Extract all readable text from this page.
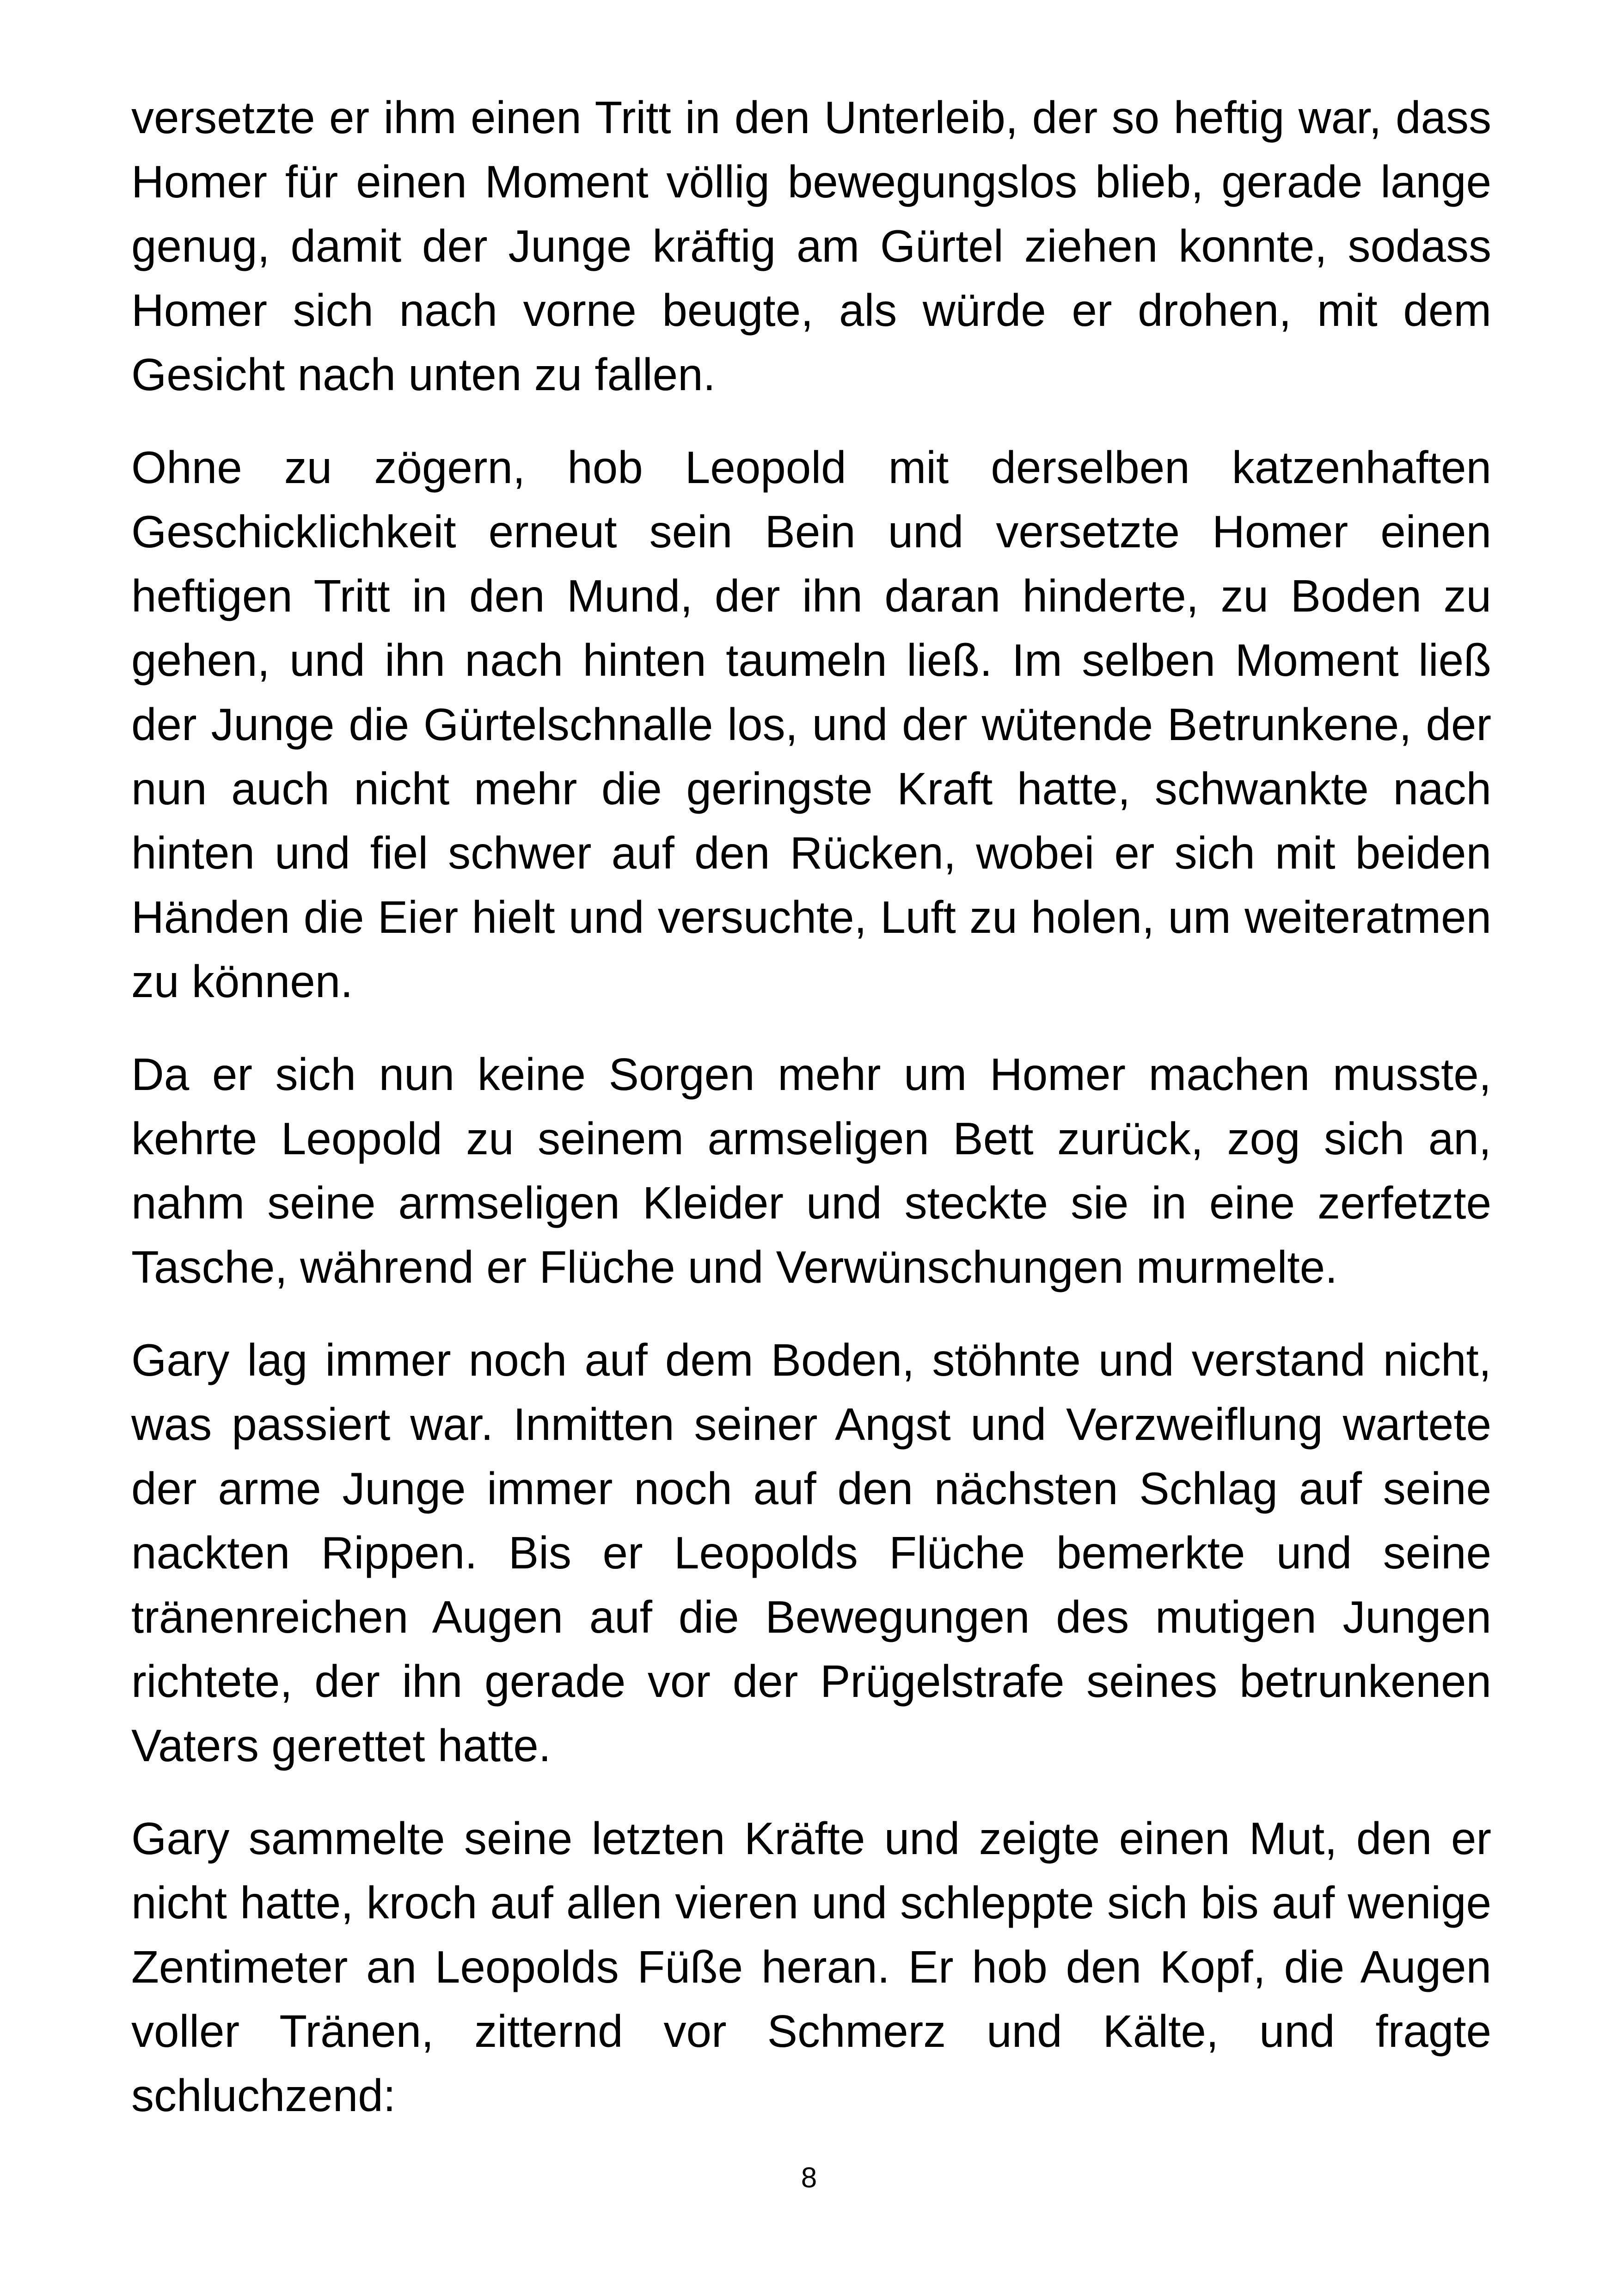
versetzte er ihm einen Tritt in den Unterleib, der so heftig war, dass Homer für einen Moment völlig bewegungslos blieb, gerade lange genug, damit der Junge kräftig am Gürtel ziehen konnte, sodass Homer sich nach vorne beugte, als würde er drohen, mit dem Gesicht nach unten zu fallen.

Ohne zu zögern, hob Leopold mit derselben katzenhaften Geschicklichkeit erneut sein Bein und versetzte Homer einen heftigen Tritt in den Mund, der ihn daran hinderte, zu Boden zu gehen, und ihn nach hinten taumeln ließ. Im selben Moment ließ der Junge die Gürtelschnalle los, und der wütende Betrunkene, der nun auch nicht mehr die geringste Kraft hatte, schwankte nach hinten und fiel schwer auf den Rücken, wobei er sich mit beiden Händen die Eier hielt und versuchte, Luft zu holen, um weiteratmen zu können.

Da er sich nun keine Sorgen mehr um Homer machen musste, kehrte Leopold zu seinem armseligen Bett zurück, zog sich an, nahm seine armseligen Kleider und steckte sie in eine zerfetzte Tasche, während er Flüche und Verwünschungen murmelte.

Gary lag immer noch auf dem Boden, stöhnte und verstand nicht, was passiert war. Inmitten seiner Angst und Verzweiflung wartete der arme Junge immer noch auf den nächsten Schlag auf seine nackten Rippen. Bis er Leopolds Flüche bemerkte und seine tränenreichen Augen auf die Bewegungen des mutigen Jungen richtete, der ihn gerade vor der Prügelstrafe seines betrunkenen Vaters gerettet hatte.

Gary sammelte seine letzten Kräfte und zeigte einen Mut, den er nicht hatte, kroch auf allen vieren und schleppte sich bis auf wenige Zentimeter an Leopolds Füße heran. Er hob den Kopf, die Augen voller Tränen, zitternd vor Schmerz und Kälte, und fragte schluchzend:

8
